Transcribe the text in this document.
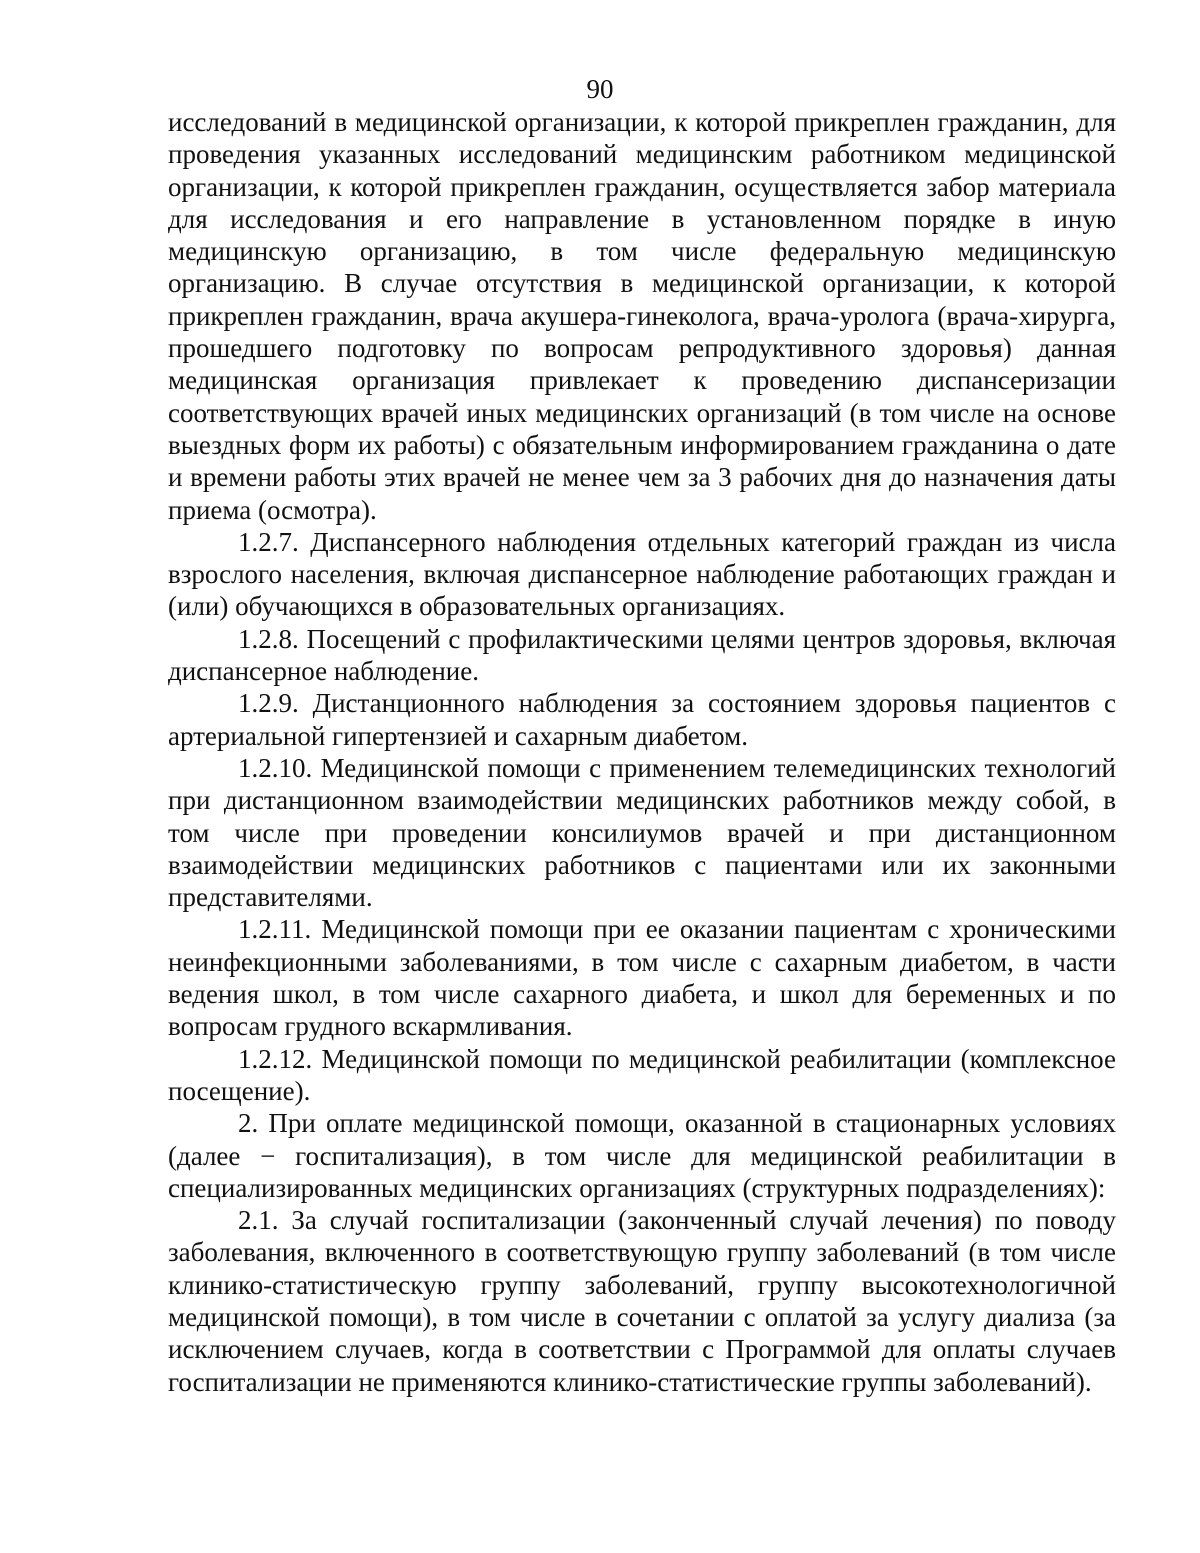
90

исследований в медицинской организации, к которой прикреплен гражданин, для проведения указанных исследований медицинским работником медицинской организации, к которой прикреплен гражданин, осуществляется забор материала для исследования и его направление в установленном порядке в иную медицинскую организацию, в том числе федеральную медицинскую организацию. В случае отсутствия в медицинской организации, к которой прикреплен гражданин, врача акушера-гинеколога, врача-уролога (врача-хирурга, прошедшего подготовку по вопросам репродуктивного здоровья) данная медицинская организация привлекает к проведению диспансеризации соответствующих врачей иных медицинских организаций (в том числе на основе выездных форм их работы) с обязательным информированием гражданина о дате и времени работы этих врачей не менее чем за 3 рабочих дня до назначения даты приема (осмотра).

1.2.7. Диспансерного наблюдения отдельных категорий граждан из числа взрослого населения, включая диспансерное наблюдение работающих граждан и (или) обучающихся в образовательных организациях.

1.2.8. Посещений с профилактическими целями центров здоровья, включая диспансерное наблюдение.

1.2.9. Дистанционного наблюдения за состоянием здоровья пациентов с артериальной гипертензией и сахарным диабетом.

1.2.10. Медицинской помощи с применением телемедицинских технологий при дистанционном взаимодействии медицинских работников между собой, в том числе при проведении консилиумов врачей и при дистанционном взаимодействии медицинских работников с пациентами или их законными представителями.

1.2.11. Медицинской помощи при ее оказании пациентам с хроническими неинфекционными заболеваниями, в том числе с сахарным диабетом, в части ведения школ, в том числе сахарного диабета, и школ для беременных и по вопросам грудного вскармливания.

1.2.12. Медицинской помощи по медицинской реабилитации (комплексное посещение).

2. При оплате медицинской помощи, оказанной в стационарных условиях (далее − госпитализация), в том числе для медицинской реабилитации в специализированных медицинских организациях (структурных подразделениях):

2.1. За случай госпитализации (законченный случай лечения) по поводу заболевания, включенного в соответствующую группу заболеваний (в том числе клинико-статистическую группу заболеваний, группу высокотехнологичной медицинской помощи), в том числе в сочетании с оплатой за услугу диализа (за исключением случаев, когда в соответствии с Программой для оплаты случаев госпитализации не применяются клинико-статистические группы заболеваний).
